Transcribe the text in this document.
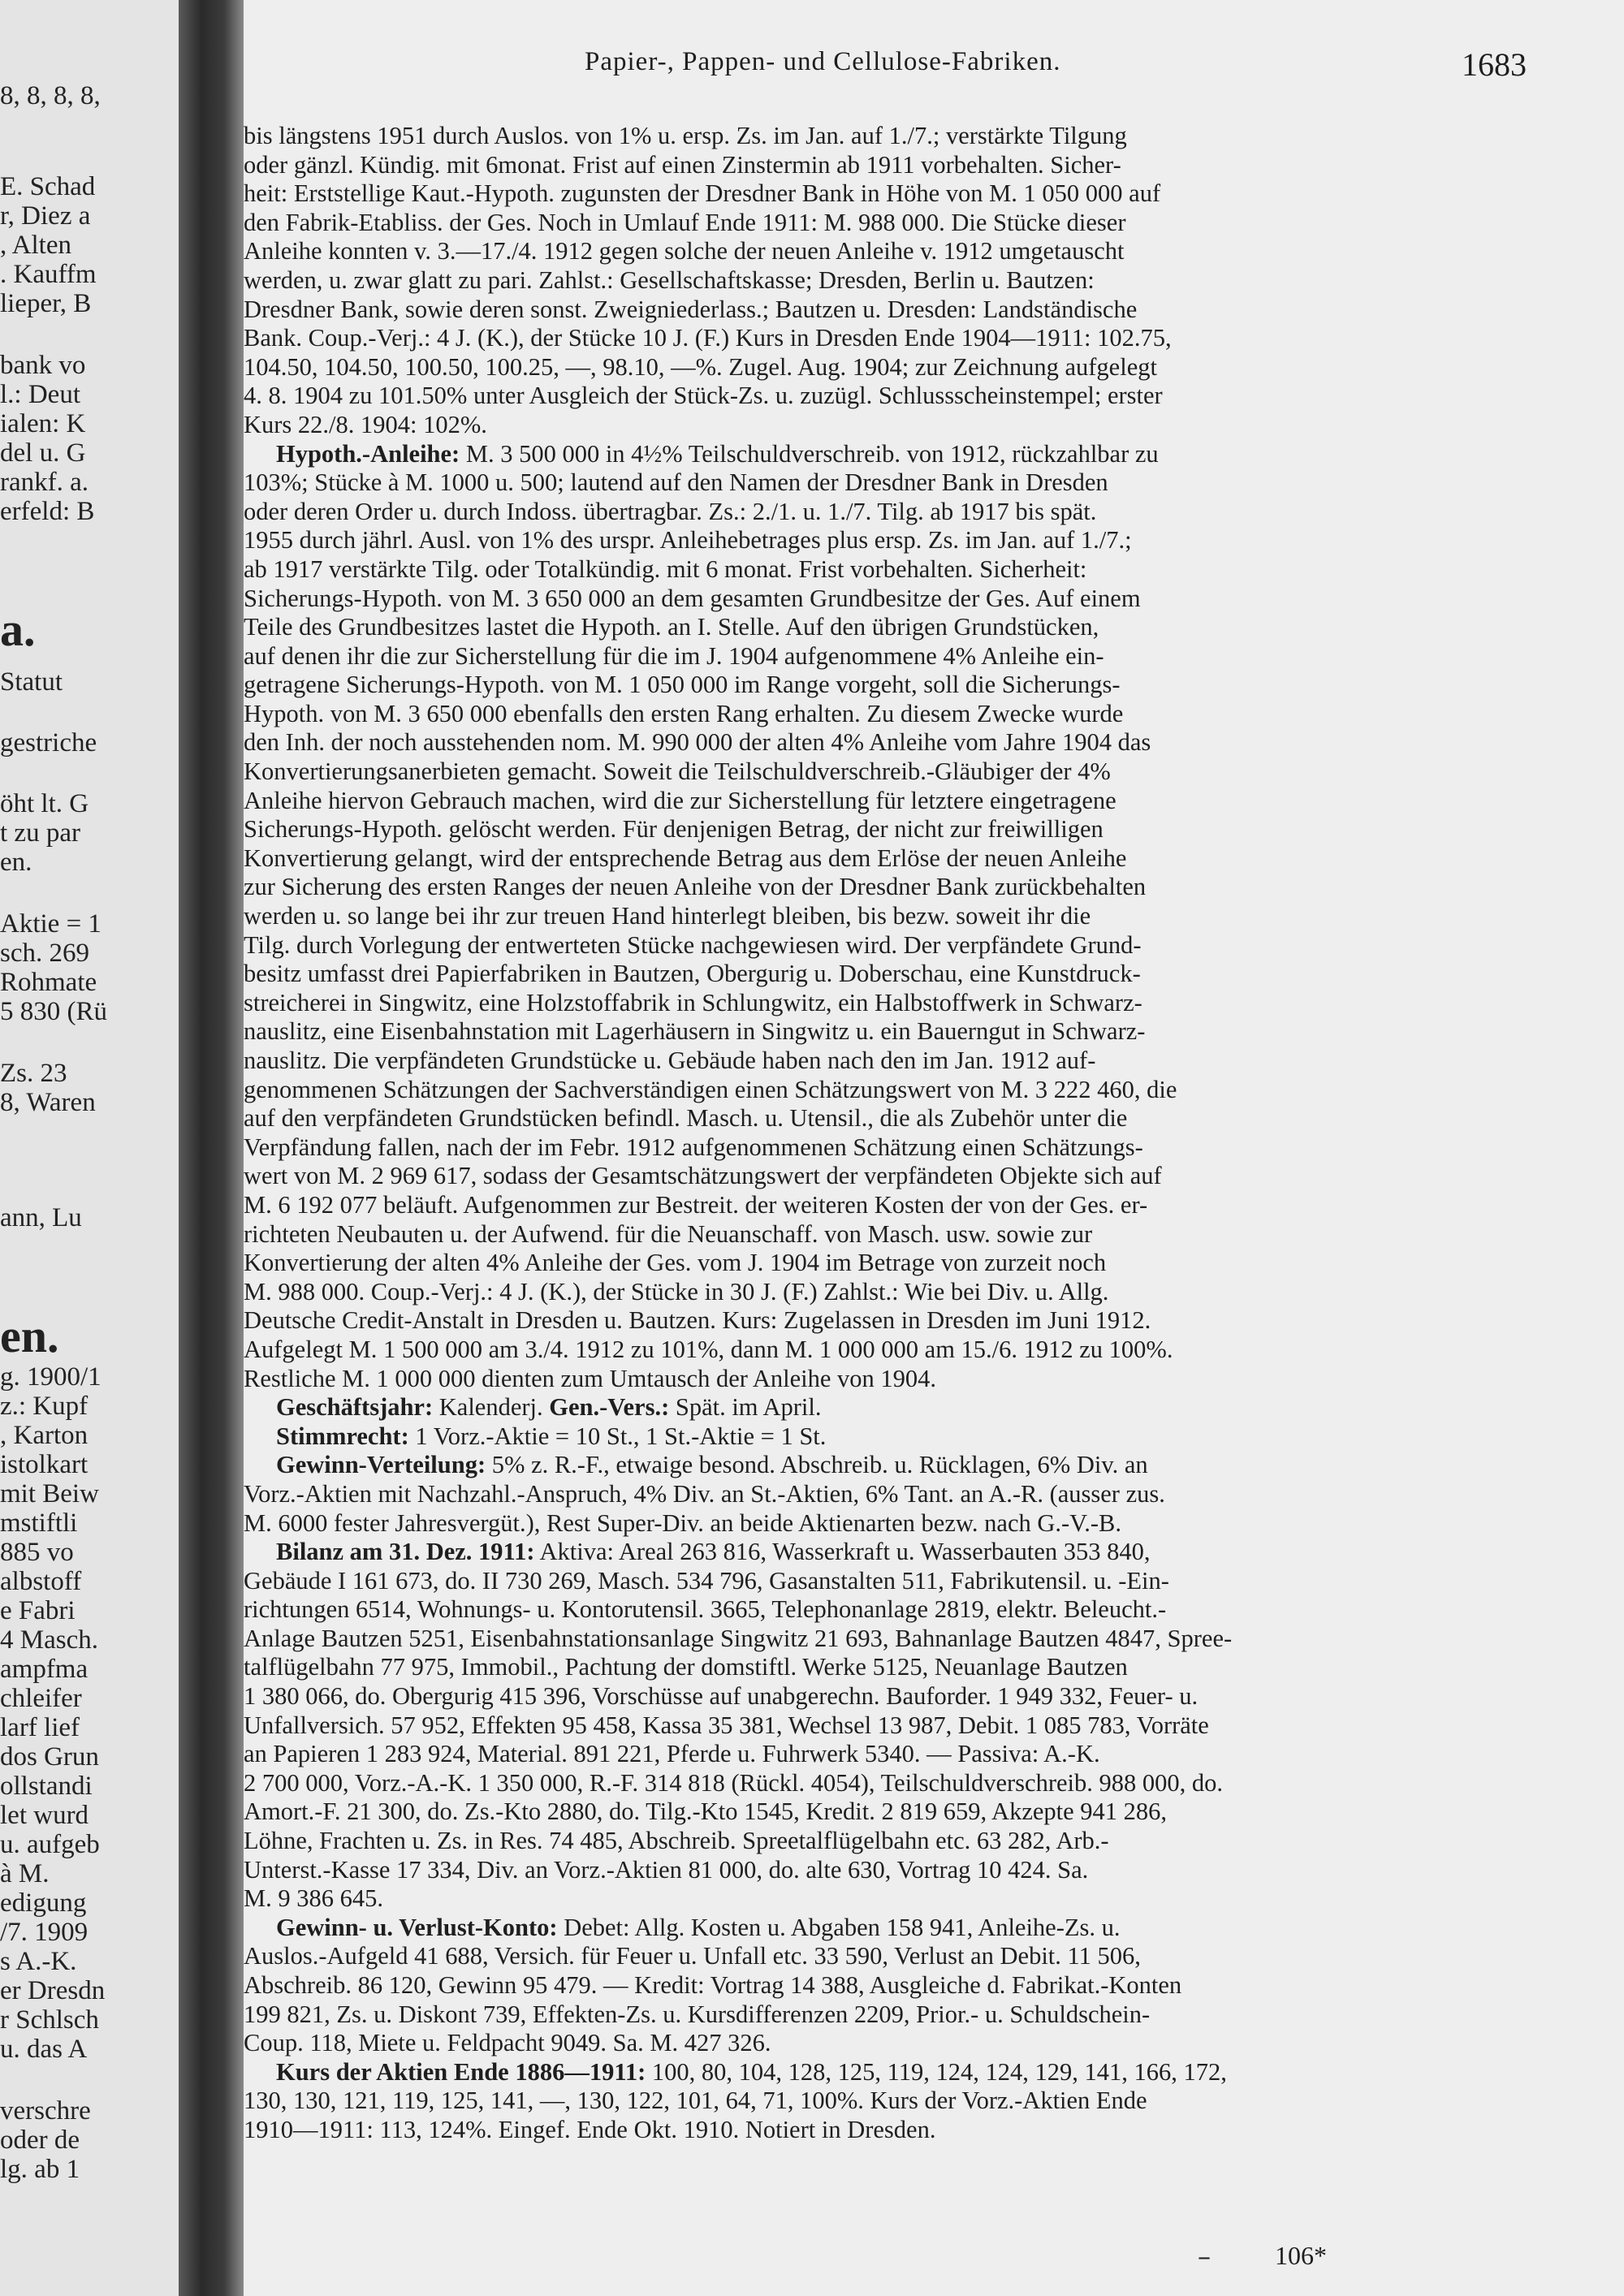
8, 8, 8, 8,
E. Schad
r, Diez a
, Alten
. Kauffm
lieper, B
bank vo
l.: Deut
ialen: K
del u. G
rankf. a.
erfeld: B
a.
Statut
gestriche
öht lt. G
t zu par
en.
Aktie = 1
sch. 269
Rohmate
5 830 (Rü
Zs. 23
8, Waren
ann, Lu
en.
g. 1900/1
z.: Kupf
, Karton
istolkart
mit Beiw
mstiftli
885 vo
albstoff
e Fabri
4 Masch.
ampfma
chleifer
larf lief
dos Grun
ollstandi
let wurd
u. aufgeb
à M.
edigung
/7. 1909
s A.-K.
er Dresdn
r Schlsch
u. das A
verschre
oder de
lg. ab 1
Papier-, Pappen- und Cellulose-Fabriken.	1683
bis längstens 1951 durch Auslos. von 1% u. ersp. Zs. im Jan. auf 1./7.; verstärkte Tilgung
oder gänzl. Kündig. mit 6monat. Frist auf einen Zinstermin ab 1911 vorbehalten. Sicher-
heit: Erststellige Kaut.-Hypoth. zugunsten der Dresdner Bank in Höhe von M. 1 050 000 auf
den Fabrik-Etabliss. der Ges. Noch in Umlauf Ende 1911: M. 988 000. Die Stücke dieser
Anleihe konnten v. 3.—17./4. 1912 gegen solche der neuen Anleihe v. 1912 umgetauscht
werden, u. zwar glatt zu pari. Zahlst.: Gesellschaftskasse; Dresden, Berlin u. Bautzen:
Dresdner Bank, sowie deren sonst. Zweigniederlass.; Bautzen u. Dresden: Landständische
Bank. Coup.-Verj.: 4 J. (K.), der Stücke 10 J. (F.) Kurs in Dresden Ende 1904—1911: 102.75,
104.50, 104.50, 100.50, 100.25, —, 98.10, —%. Zugel. Aug. 1904; zur Zeichnung aufgelegt
4. 8. 1904 zu 101.50% unter Ausgleich der Stück-Zs. u. zuzügl. Schlussscheinstempel; erster
Kurs 22./8. 1904: 102%.
Hypoth.-Anleihe: M. 3 500 000 in 4½% Teilschuldverschreib. von 1912, rückzahlbar zu
103%; Stücke à M. 1000 u. 500; lautend auf den Namen der Dresdner Bank in Dresden
oder deren Order u. durch Indoss. übertragbar. Zs.: 2./1. u. 1./7. Tilg. ab 1917 bis spät.
1955 durch jährl. Ausl. von 1% des urspr. Anleihebetrages plus ersp. Zs. im Jan. auf 1./7.;
ab 1917 verstärkte Tilg. oder Totalkündig. mit 6 monat. Frist vorbehalten. Sicherheit:
Sicherungs-Hypoth. von M. 3 650 000 an dem gesamten Grundbesitze der Ges. Auf einem
Teile des Grundbesitzes lastet die Hypoth. an I. Stelle. Auf den übrigen Grundstücken,
auf denen ihr die zur Sicherstellung für die im J. 1904 aufgenommene 4% Anleihe ein-
getragene Sicherungs-Hypoth. von M. 1 050 000 im Range vorgeht, soll die Sicherungs-
Hypoth. von M. 3 650 000 ebenfalls den ersten Rang erhalten. Zu diesem Zwecke wurde
den Inh. der noch ausstehenden nom. M. 990 000 der alten 4% Anleihe vom Jahre 1904 das
Konvertierungsanerbieten gemacht. Soweit die Teilschuldverschreib.-Gläubiger der 4%
Anleihe hiervon Gebrauch machen, wird die zur Sicherstellung für letztere eingetragene
Sicherungs-Hypoth. gelöscht werden. Für denjenigen Betrag, der nicht zur freiwilligen
Konvertierung gelangt, wird der entsprechende Betrag aus dem Erlöse der neuen Anleihe
zur Sicherung des ersten Ranges der neuen Anleihe von der Dresdner Bank zurückbehalten
werden u. so lange bei ihr zur treuen Hand hinterlegt bleiben, bis bezw. soweit ihr die
Tilg. durch Vorlegung der entwerteten Stücke nachgewiesen wird. Der verpfändete Grund-
besitz umfasst drei Papierfabriken in Bautzen, Obergurig u. Doberschau, eine Kunstdruck-
streicherei in Singwitz, eine Holzstoffabrik in Schlungwitz, ein Halbstoffwerk in Schwarz-
nauslitz, eine Eisenbahnstation mit Lagerhäusern in Singwitz u. ein Bauerngut in Schwarz-
nauslitz. Die verpfändeten Grundstücke u. Gebäude haben nach den im Jan. 1912 auf-
genommenen Schätzungen der Sachverständigen einen Schätzungswert von M. 3 222 460, die
auf den verpfändeten Grundstücken befindl. Masch. u. Utensil., die als Zubehör unter die
Verpfändung fallen, nach der im Febr. 1912 aufgenommenen Schätzung einen Schätzungs-
wert von M. 2 969 617, sodass der Gesamtschätzungswert der verpfändeten Objekte sich auf
M. 6 192 077 beläuft. Aufgenommen zur Bestreit. der weiteren Kosten der von der Ges. er-
richteten Neubauten u. der Aufwend. für die Neuanschaff. von Masch. usw. sowie zur
Konvertierung der alten 4% Anleihe der Ges. vom J. 1904 im Betrage von zurzeit noch
M. 988 000. Coup.-Verj.: 4 J. (K.), der Stücke in 30 J. (F.) Zahlst.: Wie bei Div. u. Allg.
Deutsche Credit-Anstalt in Dresden u. Bautzen. Kurs: Zugelassen in Dresden im Juni 1912.
Aufgelegt M. 1 500 000 am 3./4. 1912 zu 101%, dann M. 1 000 000 am 15./6. 1912 zu 100%.
Restliche M. 1 000 000 dienten zum Umtausch der Anleihe von 1904.
Geschäftsjahr: Kalenderj. Gen.-Vers.: Spät. im April.
Stimmrecht: 1 Vorz.-Aktie = 10 St., 1 St.-Aktie = 1 St.
Gewinn-Verteilung: 5% z. R.-F., etwaige besond. Abschreib. u. Rücklagen, 6% Div. an
Vorz.-Aktien mit Nachzahl.-Anspruch, 4% Div. an St.-Aktien, 6% Tant. an A.-R. (ausser zus.
M. 6000 fester Jahresvergüt.), Rest Super-Div. an beide Aktienarten bezw. nach G.-V.-B.
Bilanz am 31. Dez. 1911: Aktiva: Areal 263 816, Wasserkraft u. Wasserbauten 353 840,
Gebäude I 161 673, do. II 730 269, Masch. 534 796, Gasanstalten 511, Fabrikutensil. u. -Ein-
richtungen 6514, Wohnungs- u. Kontorutensil. 3665, Telephonanlage 2819, elektr. Beleucht.-
Anlage Bautzen 5251, Eisenbahnstationsanlage Singwitz 21 693, Bahnanlage Bautzen 4847, Spree-
talflügelbahn 77 975, Immobil., Pachtung der domstiftl. Werke 5125, Neuanlage Bautzen
1 380 066, do. Obergurig 415 396, Vorschüsse auf unabgerechn. Bauforder. 1 949 332, Feuer- u.
Unfallversich. 57 952, Effekten 95 458, Kassa 35 381, Wechsel 13 987, Debit. 1 085 783, Vorräte
an Papieren 1 283 924, Material. 891 221, Pferde u. Fuhrwerk 5340. — Passiva: A.-K.
2 700 000, Vorz.-A.-K. 1 350 000, R.-F. 314 818 (Rückl. 4054), Teilschuldverschreib. 988 000, do.
Amort.-F. 21 300, do. Zs.-Kto 2880, do. Tilg.-Kto 1545, Kredit. 2 819 659, Akzepte 941 286,
Löhne, Frachten u. Zs. in Res. 74 485, Abschreib. Spreetalflügelbahn etc. 63 282, Arb.-
Unterst.-Kasse 17 334, Div. an Vorz.-Aktien 81 000, do. alte 630, Vortrag 10 424. Sa.
M. 9 386 645.
Gewinn- u. Verlust-Konto: Debet: Allg. Kosten u. Abgaben 158 941, Anleihe-Zs. u.
Auslos.-Aufgeld 41 688, Versich. für Feuer u. Unfall etc. 33 590, Verlust an Debit. 11 506,
Abschreib. 86 120, Gewinn 95 479. — Kredit: Vortrag 14 388, Ausgleiche d. Fabrikat.-Konten
199 821, Zs. u. Diskont 739, Effekten-Zs. u. Kursdifferenzen 2209, Prior.- u. Schuldschein-
Coup. 118, Miete u. Feldpacht 9049. Sa. M. 427 326.
Kurs der Aktien Ende 1886—1911: 100, 80, 104, 128, 125, 119, 124, 124, 129, 141, 166, 172,
130, 130, 121, 119, 125, 141, —, 130, 122, 101, 64, 71, 100%. Kurs der Vorz.-Aktien Ende
1910—1911: 113, 124%. Eingef. Ende Okt. 1910. Notiert in Dresden.
– 106*
